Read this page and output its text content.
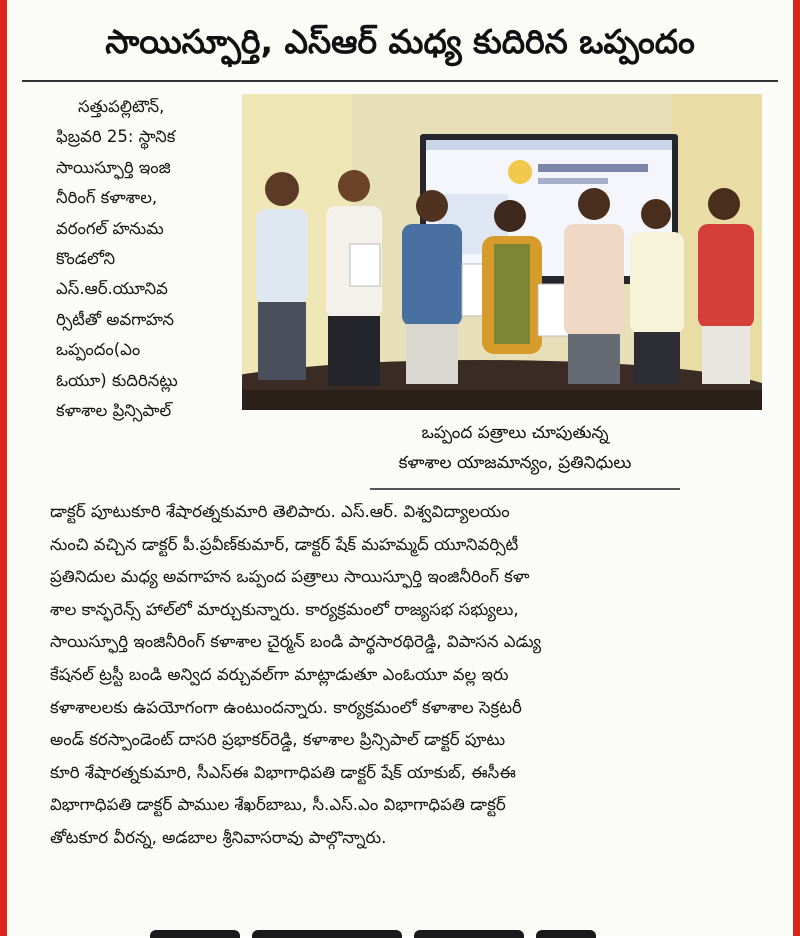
సాయిస్ఫూర్తి, ఎస్ఆర్ మధ్య కుదిరిన ఒప్పందం
సత్తుపల్లిటౌన్,
ఫిబ్రవరి 25: స్థానిక
సాయిస్ఫూర్తి ఇంజి
నీరింగ్ కళాశాల,
వరంగల్ హనుమ
కొండలోని
ఎస్.ఆర్.యూనివ
ర్సిటీతో అవగాహన
ఒప్పందం(ఎం
ఓయూ) కుదిరినట్లు
కళాశాల ప్రిన్సిపాల్
ఒప్పంద పత్రాలు చూపుతున్న
కళాశాల యాజమాన్యం, ప్రతినిధులు
డాక్టర్ పూటుకూరి శేషారత్నకుమారి తెలిపారు. ఎస్.ఆర్. విశ్వవిద్యాలయం
నుంచి వచ్చిన డాక్టర్ పీ.ప్రవీణ్‌కుమార్, డాక్టర్ షేక్ మహమ్మద్ యూనివర్సిటీ
ప్రతినిదుల మధ్య అవగాహన ఒప్పంద పత్రాలు సాయిస్ఫూర్తి ఇంజినీరింగ్ కళా
శాల కాన్ఫరెన్స్ హాల్‌లో మార్చుకున్నారు. కార్యక్రమంలో రాజ్యసభ సభ్యులు,
సాయిస్ఫూర్తి ఇంజినీరింగ్ కళాశాల చైర్మన్ బండి పార్థసారథిరెడ్డి, విపాసన ఎడ్యు
కేషనల్ ట్రస్టీ బండి అన్విద వర్చువల్‌గా మాట్లాడుతూ ఎంఓయూ వల్ల ఇరు
కళాశాలలకు ఉపయోగంగా ఉంటుందన్నారు. కార్యక్రమంలో కళాశాల సెక్రటరీ
అండ్ కరస్పాండెంట్ దాసరి ప్రభాకర్‌రెడ్డి, కళాశాల ప్రిన్సిపాల్ డాక్టర్ పూటు
కూరి శేషారత్నకుమారి, సీఎస్ఈ విభాగాధిపతి డాక్టర్ షేక్ యాకుబ్, ఈసీఈ
విభాగాధిపతి డాక్టర్ పాముల శేఖర్‌బాబు, సీ.ఎస్.ఎం విభాగాధిపతి డాక్టర్
తోటకూర వీరన్న, అడబాల శ్రీనివాసరావు పాల్గొన్నారు.
